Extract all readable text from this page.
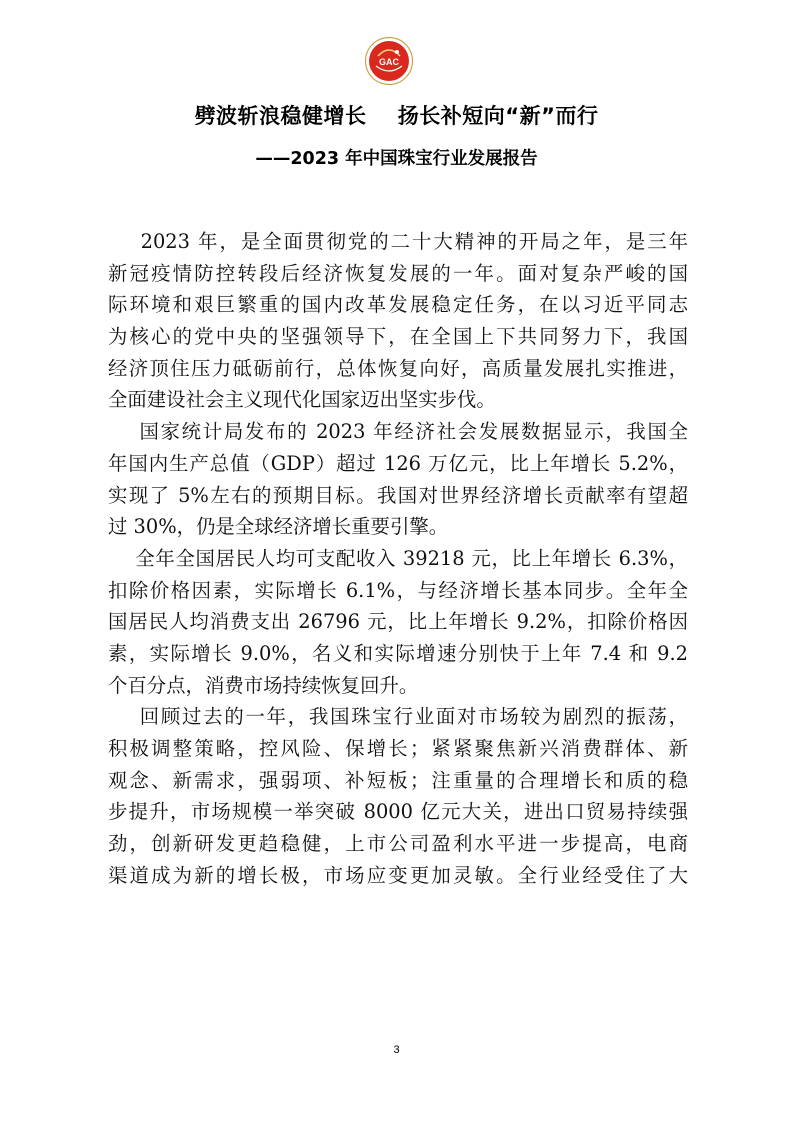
GAC
劈波斩浪稳健增长    扬长补短向“新”而行
——2023 年中国珠宝行业发展报告
2023 年，是全面贯彻党的二十大精神的开局之年，是三年
新冠疫情防控转段后经济恢复发展的一年。面对复杂严峻的国
际环境和艰巨繁重的国内改革发展稳定任务，在以习近平同志
为核心的党中央的坚强领导下，在全国上下共同努力下，我国
经济顶住压力砥砺前行，总体恢复向好，高质量发展扎实推进，
全面建设社会主义现代化国家迈出坚实步伐。
国家统计局发布的 2023 年经济社会发展数据显示，我国全
年国内生产总值（GDP）超过 126 万亿元，比上年增长 5.2%，
实现了 5%左右的预期目标。我国对世界经济增长贡献率有望超
过 30%，仍是全球经济增长重要引擎。
全年全国居民人均可支配收入 39218 元，比上年增长 6.3%，
扣除价格因素，实际增长 6.1%，与经济增长基本同步。全年全
国居民人均消费支出 26796 元，比上年增长 9.2%，扣除价格因
素，实际增长 9.0%，名义和实际增速分别快于上年 7.4 和 9.2
个百分点，消费市场持续恢复回升。
回顾过去的一年，我国珠宝行业面对市场较为剧烈的振荡，
积极调整策略，控风险、保增长；紧紧聚焦新兴消费群体、新
观念、新需求，强弱项、补短板；注重量的合理增长和质的稳
步提升，市场规模一举突破 8000 亿元大关，进出口贸易持续强
劲，创新研发更趋稳健，上市公司盈利水平进一步提高，电商
渠道成为新的增长极，市场应变更加灵敏。全行业经受住了大
3
